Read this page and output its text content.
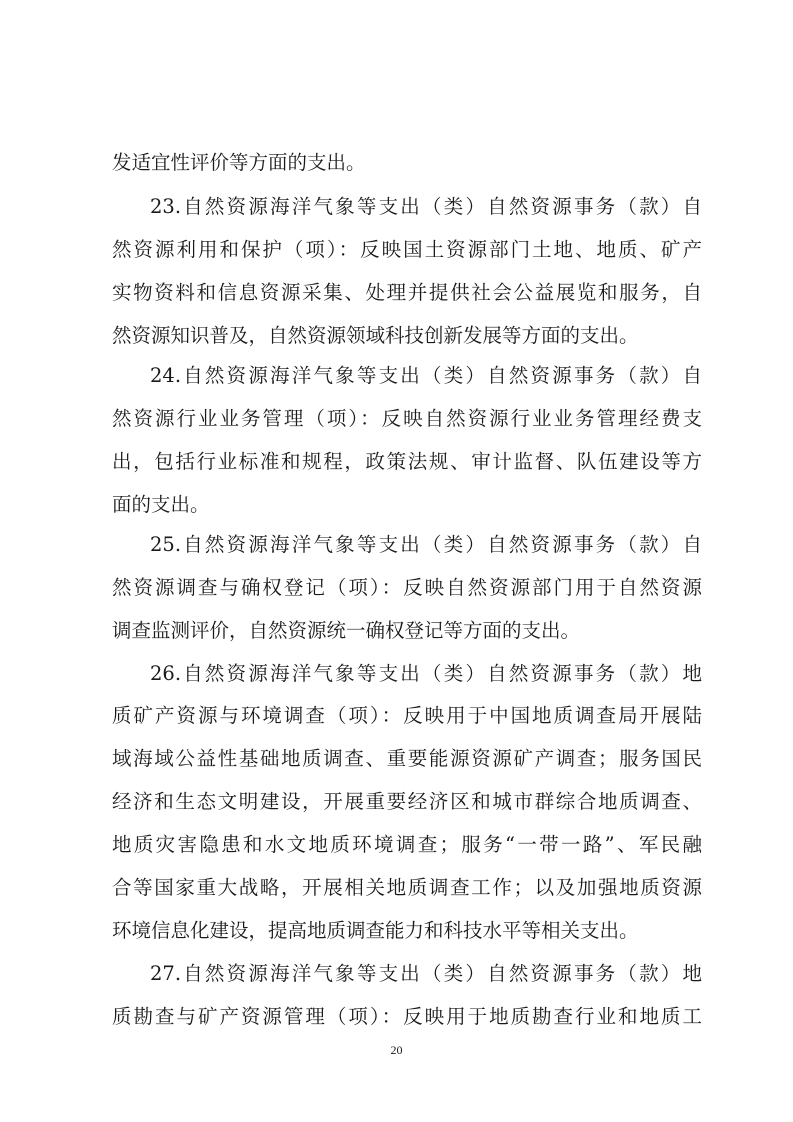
发适宜性评价等方面的支出。
23.自然资源海洋气象等支出（类）自然资源事务（款）自
然资源利用和保护（项）：反映国土资源部门土地、地质、矿产
实物资料和信息资源采集、处理并提供社会公益展览和服务，自
然资源知识普及，自然资源领域科技创新发展等方面的支出。
24.自然资源海洋气象等支出（类）自然资源事务（款）自
然资源行业业务管理（项）：反映自然资源行业业务管理经费支
出，包括行业标准和规程，政策法规、审计监督、队伍建设等方
面的支出。
25.自然资源海洋气象等支出（类）自然资源事务（款）自
然资源调查与确权登记（项）：反映自然资源部门用于自然资源
调查监测评价，自然资源统一确权登记等方面的支出。
26.自然资源海洋气象等支出（类）自然资源事务（款）地
质矿产资源与环境调查（项）：反映用于中国地质调查局开展陆
域海域公益性基础地质调查、重要能源资源矿产调查；服务国民
经济和生态文明建设，开展重要经济区和城市群综合地质调查、
地质灾害隐患和水文地质环境调查；服务“一带一路”、军民融
合等国家重大战略，开展相关地质调查工作；以及加强地质资源
环境信息化建设，提高地质调查能力和科技水平等相关支出。
27.自然资源海洋气象等支出（类）自然资源事务（款）地
质勘查与矿产资源管理（项）：反映用于地质勘查行业和地质工
20
